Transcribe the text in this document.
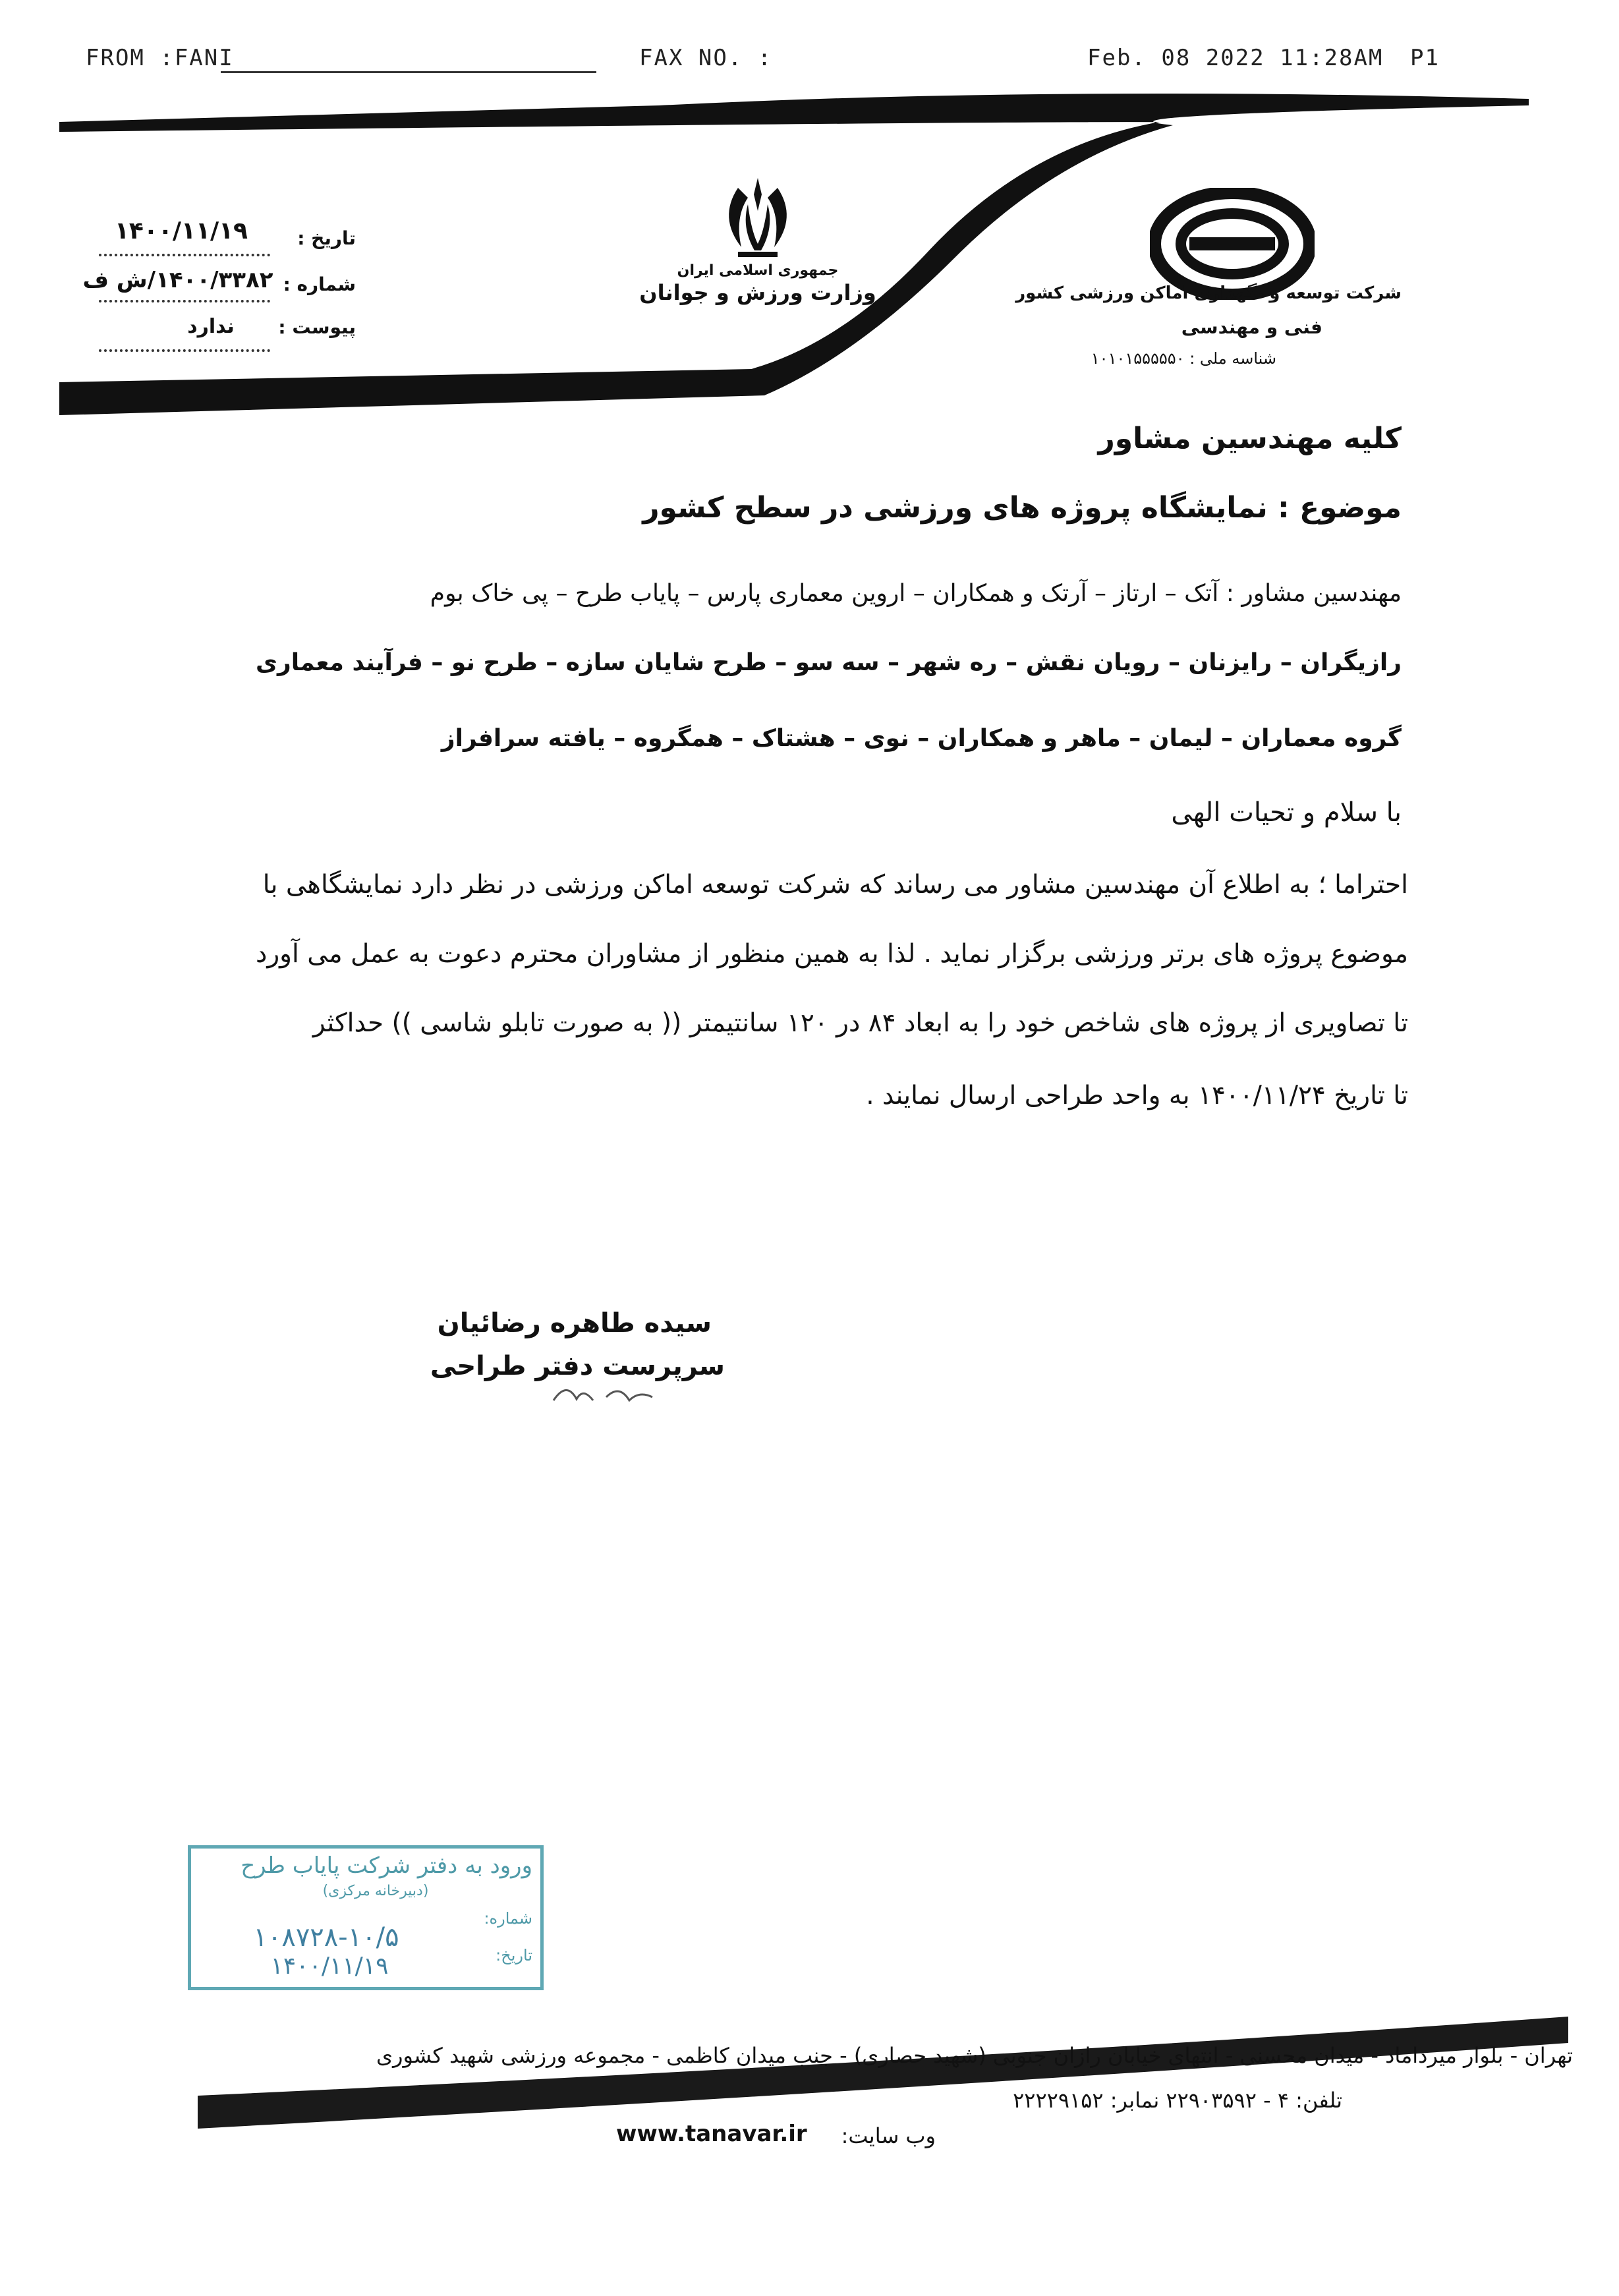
FROM :FANI	FAX NO. :	Feb. 08 2022 11:28AM P1
شرکت توسعه و نگهداری اماکن ورزشی کشور
فنی و مهندسی
شناسه ملی : ۱۰۱۰۱۵۵۵۵۵۰
جمهوری اسلامی ایران
وزارت ورزش و جوانان
تاریخ :
۱۴۰۰/۱۱/۱۹
شماره :
۱۴۰۰/۳۳۸۲/ش ف
پیوست :
ندارد
کلیه مهندسین مشاور
موضوع : نمایشگاه پروژه های ورزشی در سطح کشور
مهندسین مشاور : آتک – ارتاز – آرتک و همکاران – اروین معماری پارس – پایاب طرح – پی خاک بوم
رازیگران – رایزنان – رویان نقش – ره شهر – سه سو – طرح شایان سازه – طرح نو – فرآیند معماری
گروه معماران – لیمان – ماهر و همکاران – نوی – هشتاک – همگروه – یافته سرافراز
با سلام و تحیات الهی
احتراما ؛ به اطلاع آن مهندسین مشاور می رساند که شرکت توسعه اماکن ورزشی در نظر دارد نمایشگاهی با
موضوع پروژه های برتر ورزشی برگزار نماید . لذا به همین منظور از مشاوران محترم دعوت به عمل می آورد
تا تصاویری از پروژه های شاخص خود را به ابعاد ۸۴ در ۱۲۰ سانتیمتر (( به صورت تابلو شاسی )) حداکثر
تا تاریخ ۱۴۰۰/۱۱/۲۴ به واحد طراحی ارسال نمایند .
سیده طاهره رضائیان
سرپرست دفتر طراحی
ورود به دفتر شرکت پایاب طرح
(دبیرخانه مرکزی)
شماره:
۱۰۸۷۲۸-۱۰/۵
تاریخ:
۱۴۰۰/۱۱/۱۹
تهران - بلوار میرداماد - میدان محسنی - انتهای خیابان رازان جنوبی (شهید حصاری) - جنب میدان کاظمی - مجموعه ورزشی شهید کشوری
تلفن: ۴ - ۲۲۹۰۳۵۹۲ نمابر: ۲۲۲۲۹۱۵۲
وب سایت:
www.tanavar.ir
